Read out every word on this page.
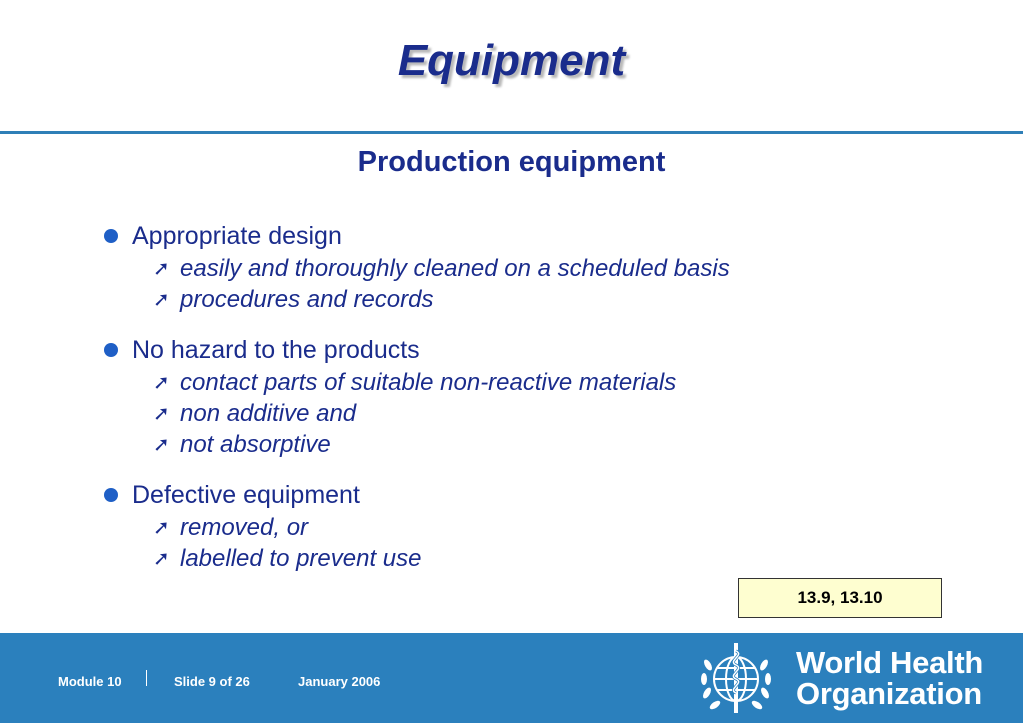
Equipment
Production equipment
Appropriate design
➚ easily and thoroughly cleaned on a scheduled basis
➚ procedures and records
No hazard to the products
➚ contact parts of suitable non-reactive materials
➚ non additive and
➚ not absorptive
Defective equipment
➚ removed, or
➚ labelled to prevent use
13.9, 13.10
Module 10	Slide 9 of 26	January 2006
World Health
Organization
